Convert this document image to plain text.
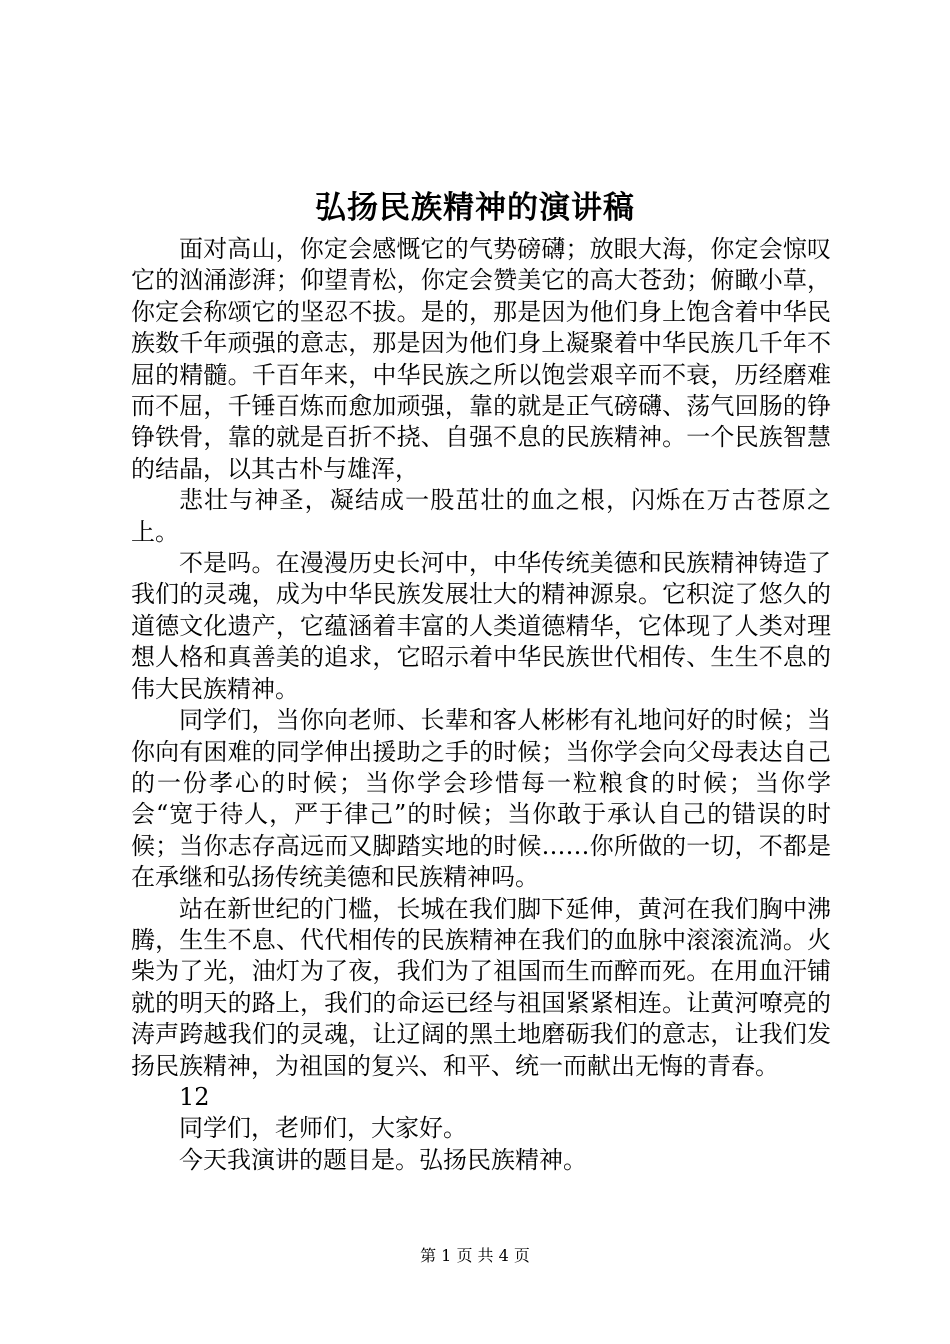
弘扬民族精神的演讲稿

面对高山，你定会感慨它的气势磅礴；放眼大海，你定会惊叹它的汹涌澎湃；仰望青松，你定会赞美它的高大苍劲；俯瞰小草，你定会称颂它的坚忍不拔。是的，那是因为他们身上饱含着中华民族数千年顽强的意志，那是因为他们身上凝聚着中华民族几千年不屈的精髓。千百年来，中华民族之所以饱尝艰辛而不衰，历经磨难而不屈，千锤百炼而愈加顽强，靠的就是正气磅礴、荡气回肠的铮铮铁骨，靠的就是百折不挠、自强不息的民族精神。一个民族智慧的结晶，以其古朴与雄浑，

悲壮与神圣，凝结成一股茁壮的血之根，闪烁在万古苍原之上。

不是吗。在漫漫历史长河中，中华传统美德和民族精神铸造了我们的灵魂，成为中华民族发展壮大的精神源泉。它积淀了悠久的道德文化遗产，它蕴涵着丰富的人类道德精华，它体现了人类对理想人格和真善美的追求，它昭示着中华民族世代相传、生生不息的伟大民族精神。

同学们，当你向老师、长辈和客人彬彬有礼地问好的时候；当你向有困难的同学伸出援助之手的时候；当你学会向父母表达自己的一份孝心的时候；当你学会珍惜每一粒粮食的时候；当你学会“宽于待人，严于律己”的时候；当你敢于承认自己的错误的时候；当你志存高远而又脚踏实地的时候……你所做的一切，不都是在承继和弘扬传统美德和民族精神吗。

站在新世纪的门槛，长城在我们脚下延伸，黄河在我们胸中沸腾，生生不息、代代相传的民族精神在我们的血脉中滚滚流淌。火柴为了光，油灯为了夜，我们为了祖国而生而醉而死。在用血汗铺就的明天的路上，我们的命运已经与祖国紧紧相连。让黄河嘹亮的涛声跨越我们的灵魂，让辽阔的黑土地磨砺我们的意志，让我们发扬民族精神，为祖国的复兴、和平、统一而献出无悔的青春。

12

同学们，老师们，大家好。

今天我演讲的题目是。弘扬民族精神。

第 1 页 共 4 页
